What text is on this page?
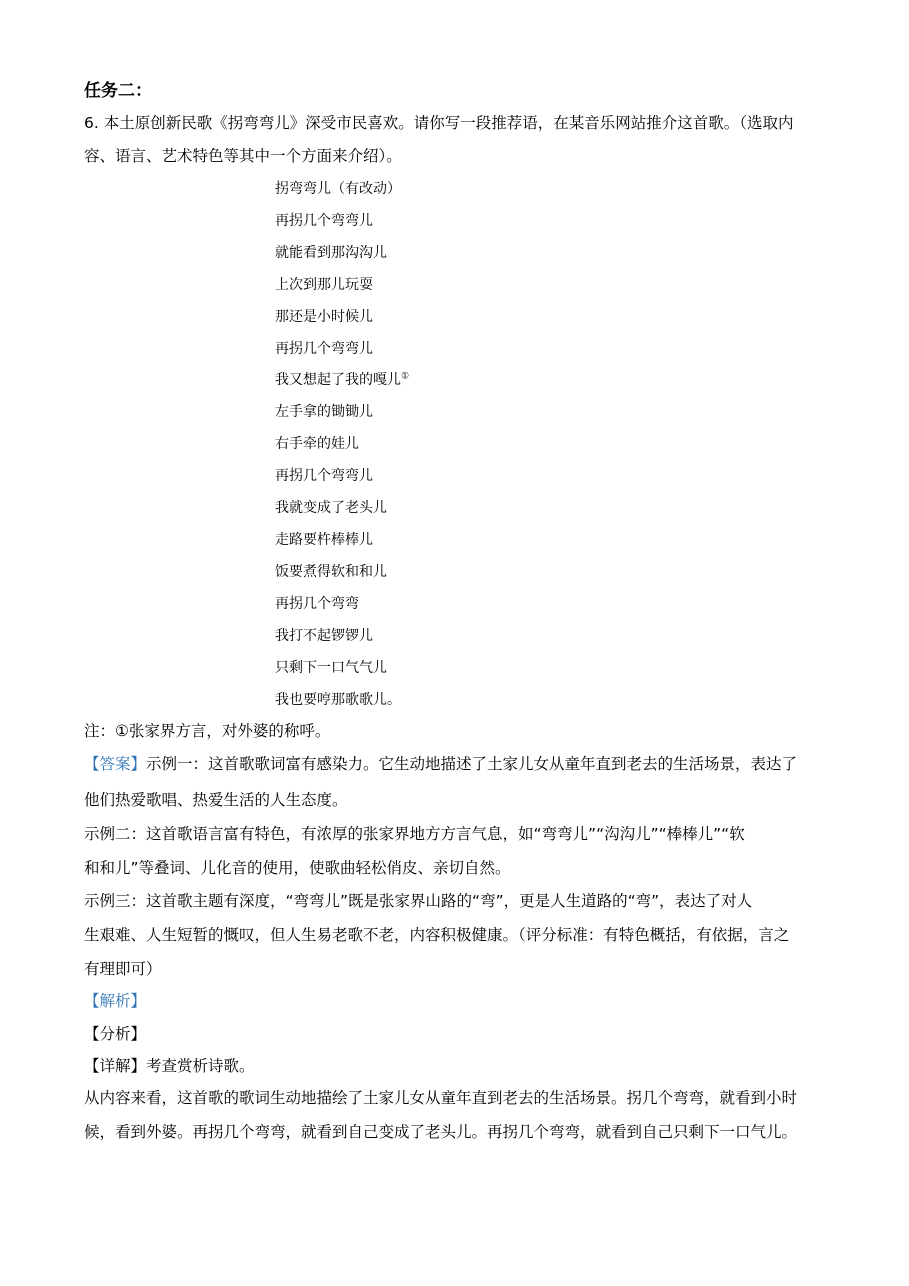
任务二：
6. 本土原创新民歌《拐弯弯儿》深受市民喜欢。请你写一段推荐语，在某音乐网站推介这首歌。（选取内
容、语言、艺术特色等其中一个方面来介绍）。
拐弯弯儿（有改动）
再拐几个弯弯儿
就能看到那沟沟儿
上次到那儿玩耍
那还是小时候儿
再拐几个弯弯儿
我又想起了我的嘎儿①
左手拿的锄锄儿
右手牵的娃儿
再拐几个弯弯儿
我就变成了老头儿
走路要杵棒棒儿
饭要煮得软和和儿
再拐几个弯弯
我打不起锣锣儿
只剩下一口气气儿
我也要哼那歌歌儿。
注：①张家界方言，对外婆的称呼。
【答案】示例一：这首歌歌词富有感染力。它生动地描述了土家儿女从童年直到老去的生活场景，表达了
他们热爱歌唱、热爱生活的人生态度。
示例二：这首歌语言富有特色，有浓厚的张家界地方方言气息，如“弯弯儿”“沟沟儿”“棒棒儿”“软
和和儿”等叠词、儿化音的使用，使歌曲轻松俏皮、亲切自然。
示例三：这首歌主题有深度，“弯弯儿”既是张家界山路的“弯”，更是人生道路的“弯”，表达了对人
生艰难、人生短暂的慨叹，但人生易老歌不老，内容积极健康。（评分标准：有特色概括，有依据，言之
有理即可）
【解析】
【分析】
【详解】考查赏析诗歌。
从内容来看，这首歌的歌词生动地描绘了土家儿女从童年直到老去的生活场景。拐几个弯弯，就看到小时
候，看到外婆。再拐几个弯弯，就看到自己变成了老头儿。再拐几个弯弯，就看到自己只剩下一口气儿。
